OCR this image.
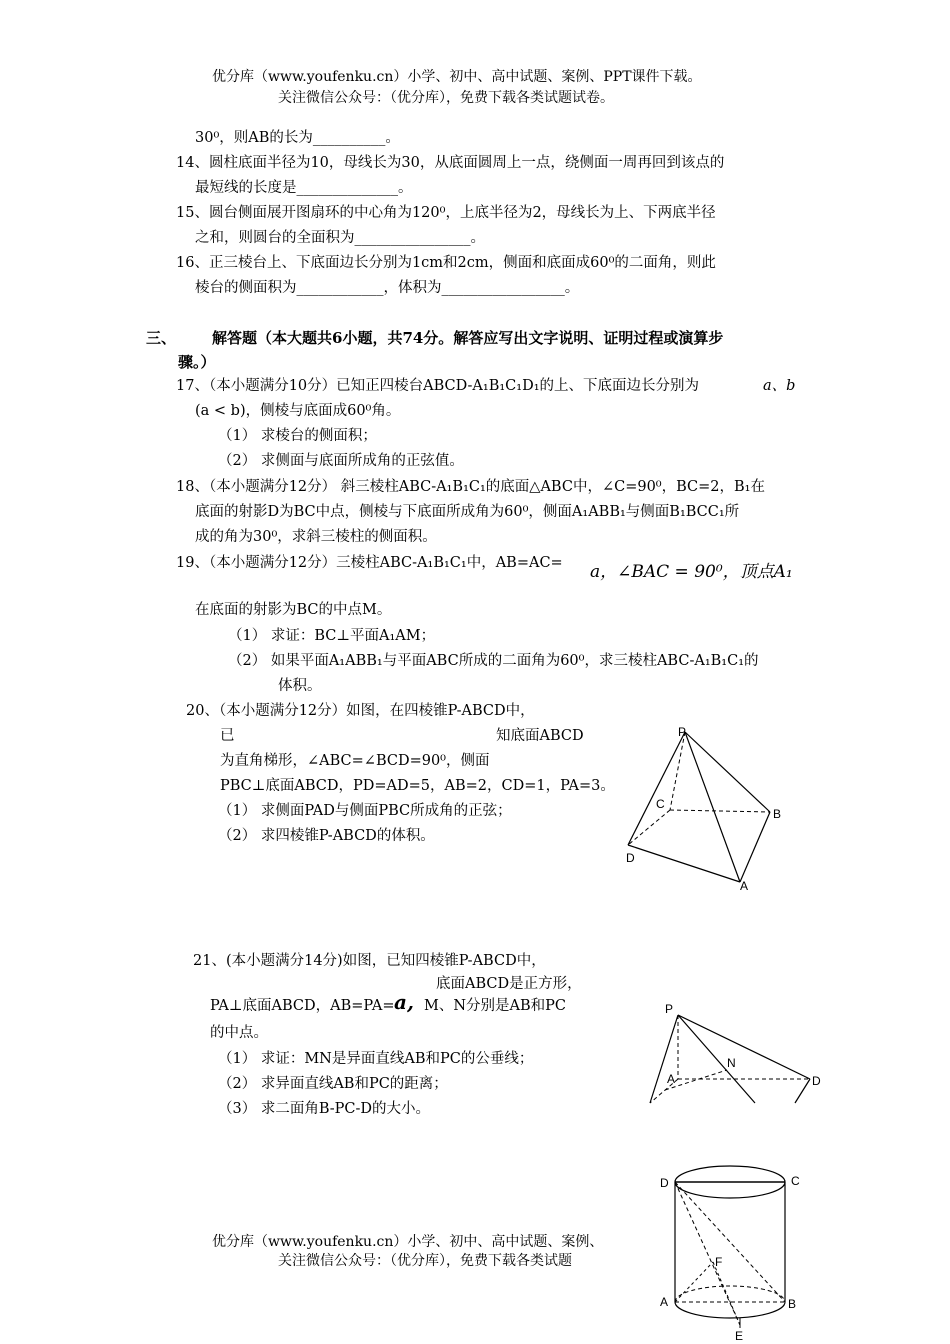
优分库（www.youfenku.cn）小学、初中、高中试题、案例、PPT课件下载。
关注微信公众号：（优分库），免费下载各类试题试卷。
30⁰，则AB的长为__________。
14、圆柱底面半径为10，母线长为30，从底面圆周上一点，绕侧面一周再回到该点的
最短线的长度是______________。
15、圆台侧面展开图扇环的中心角为120⁰，上底半径为2，母线长为上、下两底半径
之和，则圆台的全面积为________________。
16、正三棱台上、下底面边长分别为1cm和2cm，侧面和底面成60⁰的二面角，则此
棱台的侧面积为____________，体积为_________________。
三、 解答题（本大题共6小题，共74分。解答应写出文字说明、证明过程或演算步
骤。）
17、（本小题满分10分）已知正四棱台ABCD-A₁B₁C₁D₁的上、下底面边长分别为	a、b
(a < b)，侧棱与底面成60⁰角。
（1） 求棱台的侧面积；
（2） 求侧面与底面所成角的正弦值。
18、（本小题满分12分） 斜三棱柱ABC-A₁B₁C₁的底面△ABC中，∠C=90⁰，BC=2，B₁在
底面的射影D为BC中点，侧棱与下底面所成角为60⁰，侧面A₁ABB₁与侧面B₁BCC₁所
成的角为30⁰，求斜三棱柱的侧面积。
19、（本小题满分12分）三棱柱ABC-A₁B₁C₁中，AB=AC= a，∠BAC = 90⁰，顶点A₁
在底面的射影为BC的中点M。
（1） 求证：BC⊥平面A₁AM；
（2） 如果平面A₁ABB₁与平面ABC所成的二面角为60⁰，求三棱柱ABC-A₁B₁C₁的
体积。
20、（本小题满分12分）如图，在四棱锥P-ABCD中，
已	知底面ABCD
为直角梯形，∠ABC=∠BCD=90⁰，侧面
PBC⊥底面ABCD，PD=AD=5，AB=2，CD=1，PA=3。
（1） 求侧面PAD与侧面PBC所成角的正弦；
（2） 求四棱锥P-ABCD的体积。
P
C
B
D
A
21、(本小题满分14分)如图，已知四棱锥P-ABCD中，
底面ABCD是正方形，
PA⊥底面ABCD，AB=PA= a, M、N分别是AB和PC
的中点。
（1） 求证：MN是异面直线AB和PC的公垂线；
（2） 求异面直线AB和PC的距离；
（3） 求二面角B-PC-D的大小。
P
N
A	D
D	C
F
A	B
E
优分库（www.youfenku.cn）小学、初中、高中试题、案例、
关注微信公众号：（优分库），免费下载各类试题
